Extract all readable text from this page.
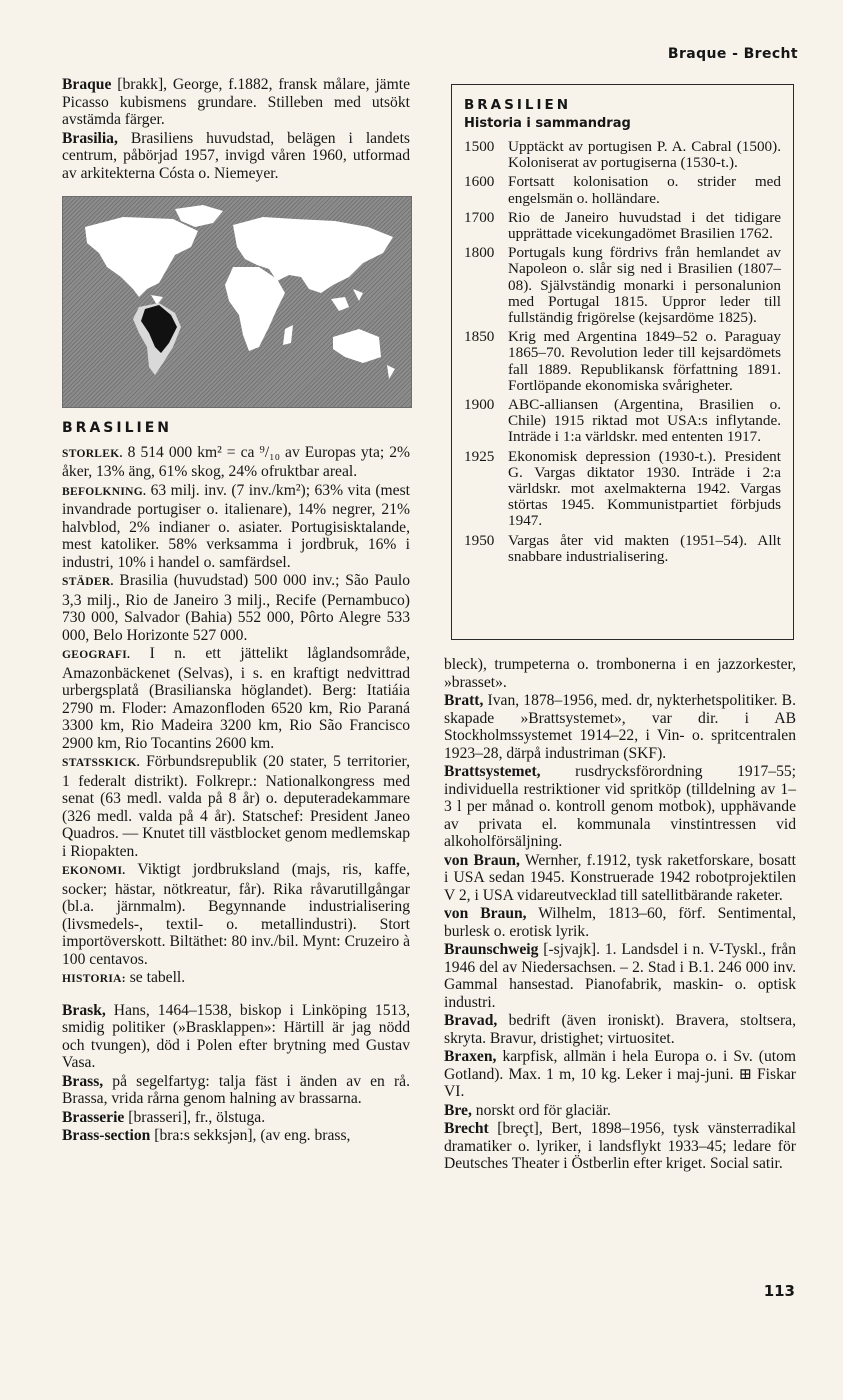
Braque - Brecht

Braque [brakk], George, f.1882, fransk målare, jämte Picasso kubismens grundare. Stilleben med utsökt avstämda färger.

Brasilia, Brasiliens huvudstad, belägen i landets centrum, påbörjad 1957, invigd våren 1960, utformad av arkitekterna Cósta o. Niemeyer.

BRASILIEN

STORLEK. 8 514 000 km² = ca ⁹/₁₀ av Europas yta; 2% åker, 13% äng, 61% skog, 24% ofruktbar areal.

BEFOLKNING. 63 milj. inv. (7 inv./km²); 63% vita (mest invandrade portugiser o. italienare), 14% negrer, 21% halvblod, 2% indianer o. asiater. Portugisisktalande, mest katoliker. 58% verksamma i jordbruk, 16% i industri, 10% i handel o. samfärdsel.

STÄDER. Brasilia (huvudstad) 500 000 inv.; São Paulo 3,3 milj., Rio de Janeiro 3 milj., Recife (Pernambuco) 730 000, Salvador (Bahia) 552 000, Pôrto Alegre 533 000, Belo Horizonte 527 000.

GEOGRAFI. I n. ett jättelikt låglandsområde, Amazonbäckenet (Selvas), i s. en kraftigt nedvittrad urbergsplatå (Brasilianska höglandet). Berg: Itatiáia 2790 m. Floder: Amazonfloden 6520 km, Rio Paraná 3300 km, Rio Madeira 3200 km, Rio São Francisco 2900 km, Rio Tocantins 2600 km.

STATSSKICK. Förbundsrepublik (20 stater, 5 territorier, 1 federalt distrikt). Folkrepr.: Nationalkongress med senat (63 medl. valda på 8 år) o. deputeradekammare (326 medl. valda på 4 år). Statschef: President Janeo Quadros. — Knutet till västblocket genom medlemskap i Riopakten.

EKONOMI. Viktigt jordbruksland (majs, ris, kaffe, socker; hästar, nötkreatur, får). Rika råvarutillgångar (bl.a. järnmalm). Begynnande industrialisering (livsmedels-, textil- o. metallindustri). Stort importöverskott. Biltäthet: 80 inv./bil. Mynt: Cruzeiro à 100 centavos.

HISTORIA: se tabell.

Brask, Hans, 1464–1538, biskop i Linköping 1513, smidig politiker (»Brasklappen»: Härtill är jag nödd och tvungen), död i Polen efter brytning med Gustav Vasa.

Brass, på segelfartyg: talja fäst i änden av en rå. Brassa, vrida rårna genom halning av brassarna.

Brasserie [brasseri], fr., ölstuga.

Brass-section [bra:s sekksjən], (av eng. brass,

BRASILIEN
Historia i sammandrag
1500 Upptäckt av portugisen P. A. Cabral (1500). Koloniserat av portugiserna (1530-t.).
1600 Fortsatt kolonisation o. strider med engelsmän o. holländare.
1700 Rio de Janeiro huvudstad i det tidigare upprättade vicekungadömet Brasilien 1762.
1800 Portugals kung fördrivs från hemlandet av Napoleon o. slår sig ned i Brasilien (1807–08). Självständig monarki i personalunion med Portugal 1815. Uppror leder till fullständig frigörelse (kejsardöme 1825).
1850 Krig med Argentina 1849–52 o. Paraguay 1865–70. Revolution leder till kejsardömets fall 1889. Republikansk författning 1891. Fortlöpande ekonomiska svårigheter.
1900 ABC-alliansen (Argentina, Brasilien o. Chile) 1915 riktad mot USA:s inflytande. Inträde i 1:a världskr. med ententen 1917.
1925 Ekonomisk depression (1930-t.). President G. Vargas diktator 1930. Inträde i 2:a världskr. mot axelmakterna 1942. Vargas störtas 1945. Kommunistpartiet förbjuds 1947.
1950 Vargas åter vid makten (1951–54). Allt snabbare industrialisering.

bleck), trumpeterna o. trombonerna i en jazzorkester, »brasset».

Bratt, Ivan, 1878–1956, med. dr, nykterhetspolitiker. B. skapade »Brattsystemet», var dir. i AB Stockholmssystemet 1914–22, i Vin- o. spritcentralen 1923–28, därpå industriman (SKF).

Brattsystemet, rusdrycksförordning 1917–55; individuella restriktioner vid spritköp (tilldelning av 1–3 l per månad o. kontroll genom motbok), upphävande av privata el. kommunala vinstintressen vid alkoholförsäljning.

von Braun, Wernher, f.1912, tysk raketforskare, bosatt i USA sedan 1945. Konstruerade 1942 robotprojektilen V 2, i USA vidareutvecklad till satellitbärande raketer.

von Braun, Wilhelm, 1813–60, förf. Sentimental, burlesk o. erotisk lyrik.

Braunschweig [-sjvajk]. 1. Landsdel i n. V-Tyskl., från 1946 del av Niedersachsen. – 2. Stad i B.1. 246 000 inv. Gammal hansestad. Pianofabrik, maskin- o. optisk industri.

Bravad, bedrift (även ironiskt). Bravera, stoltsera, skryta. Bravur, dristighet; virtuositet.

Braxen, karpfisk, allmän i hela Europa o. i Sv. (utom Gotland). Max. 1 m, 10 kg. Leker i maj-juni. ⊞ Fiskar VI.

Bre, norskt ord för glaciär.

Brecht [breçt], Bert, 1898–1956, tysk vänsterradikal dramatiker o. lyriker, i landsflykt 1933–45; ledare för Deutsches Theater i Östberlin efter kriget. Social satir.

113
